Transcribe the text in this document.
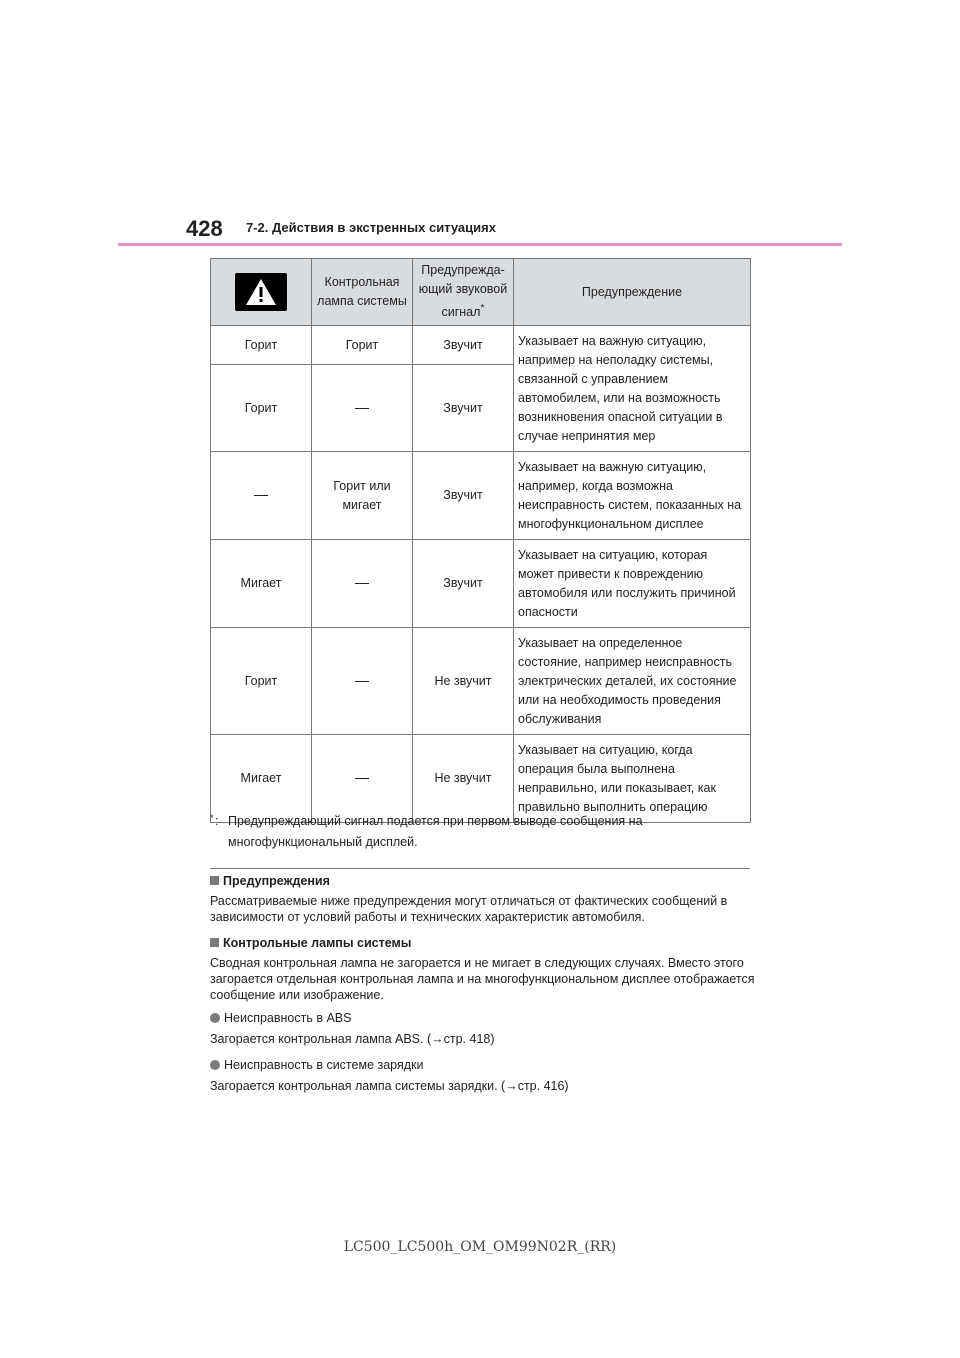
428 7-2. Действия в экстренных ситуациях
	Контрольная лампа системы	Предупрежда-ющий звуковой сигнал*	Предупреждение
Горит	Горит	Звучит	Указывает на важную ситуацию, например на неполадку системы, связанной с управлением автомобилем, или на возможность возникновения опасной ситуации в случае непринятия мер
Горит		Звучит	
	Горит или мигает	Звучит	Указывает на важную ситуацию, например, когда возможна неисправность систем, показанных на многофункциональном дисплее
Мигает		Звучит	Указывает на ситуацию, которая может привести к повреждению автомобиля или послужить причиной опасности
Горит		Не звучит	Указывает на определенное состояние, например неисправность электрических деталей, их состояние или на необходимость проведения обслуживания
Мигает		Не звучит	Указывает на ситуацию, когда операция была выполнена неправильно, или показывает, как правильно выполнить операцию
* : Предупреждающий сигнал подается при первом выводе сообщения на многофункциональный дисплей.
Предупреждения
Рассматриваемые ниже предупреждения могут отличаться от фактических сообщений в зависимости от условий работы и технических характеристик автомобиля.
Контрольные лампы системы
Сводная контрольная лампа не загорается и не мигает в следующих случаях. Вместо этого загорается отдельная контрольная лампа и на многофункциональном дисплее отображается сообщение или изображение.
Неисправность в ABS
Загорается контрольная лампа ABS. (→стр. 418)
Неисправность в системе зарядки
Загорается контрольная лампа системы зарядки. (→стр. 416)
LC500_LC500h_OM_OM99N02R_(RR)
